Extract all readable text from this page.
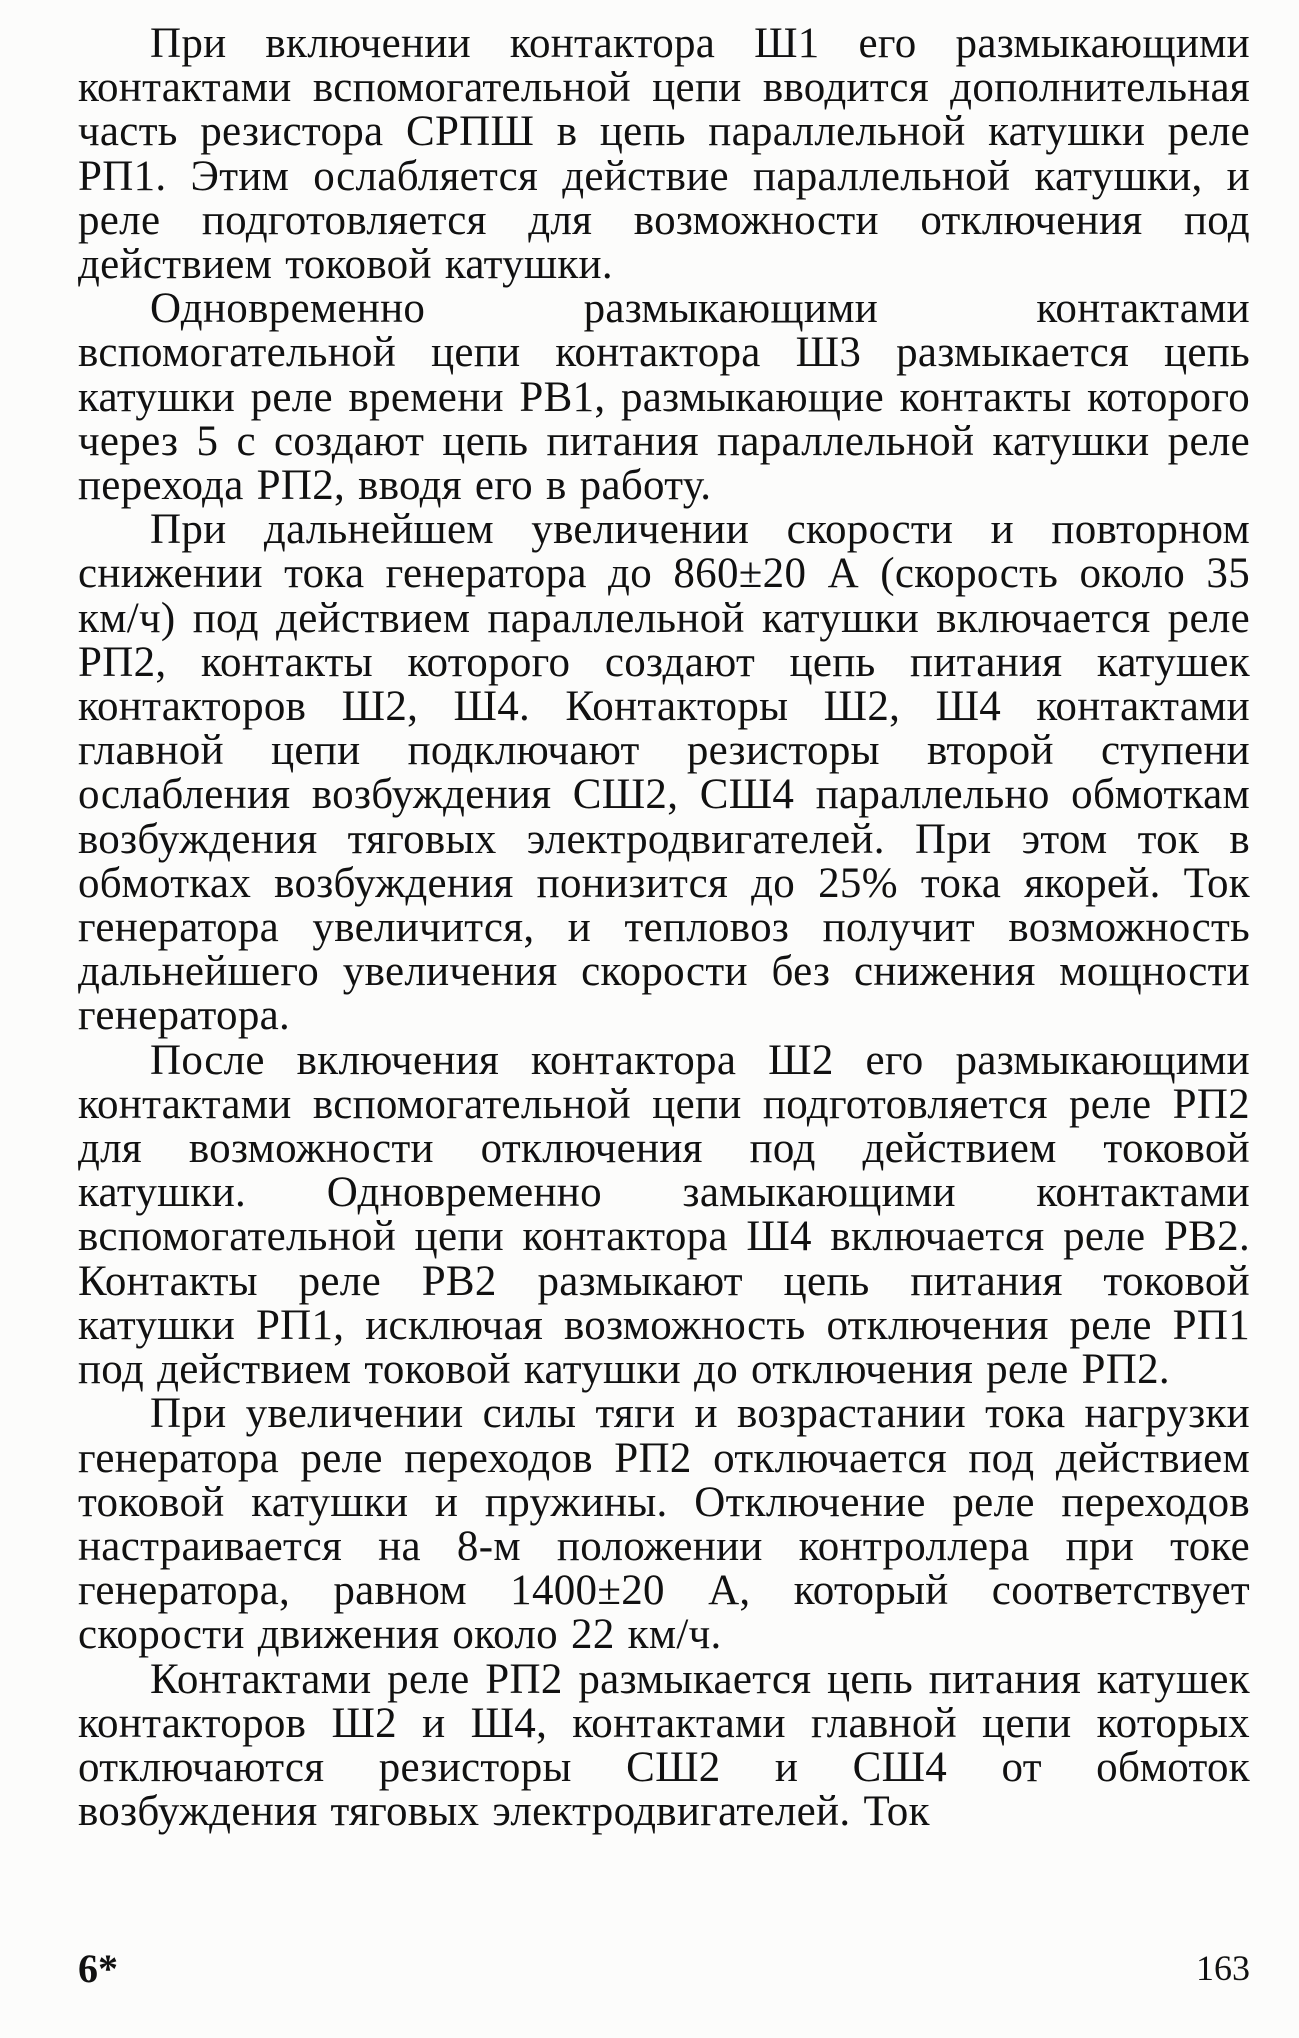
При включении контактора Ш1 его размыкающими контактами вспомогательной цепи вводится дополнительная часть резистора СРПШ в цепь параллельной катушки реле РП1. Этим ослабляется действие параллельной катушки, и реле подготовляется для возможности отключения под действием токовой катушки.

Одновременно размыкающими контактами вспомогательной цепи контактора Ш3 размыкается цепь катушки реле времени РВ1, размыкающие контакты которого через 5 с создают цепь питания параллельной катушки реле перехода РП2, вводя его в работу.

При дальнейшем увеличении скорости и повторном снижении тока генератора до 860±20 А (скорость около 35 км/ч) под действием параллельной катушки включается реле РП2, контакты которого создают цепь питания катушек контакторов Ш2, Ш4. Контакторы Ш2, Ш4 контактами главной цепи подключают резисторы второй ступени ослабления возбуждения СШ2, СШ4 параллельно обмоткам возбуждения тяговых электродвигателей. При этом ток в обмотках возбуждения понизится до 25% тока якорей. Ток генератора увеличится, и тепловоз получит возможность дальнейшего увеличения скорости без снижения мощности генератора.

После включения контактора Ш2 его размыкающими контактами вспомогательной цепи подготовляется реле РП2 для возможности отключения под действием токовой катушки. Одновременно замыкающими контактами вспомогательной цепи контактора Ш4 включается реле РВ2. Контакты реле РВ2 размыкают цепь питания токовой катушки РП1, исключая возможность отключения реле РП1 под действием токовой катушки до отключения реле РП2.

При увеличении силы тяги и возрастании тока нагрузки генератора реле переходов РП2 отключается под действием токовой катушки и пружины. Отключение реле переходов настраивается на 8-м положении контроллера при токе генератора, равном 1400±20 А, который соответствует скорости движения около 22 км/ч.

Контактами реле РП2 размыкается цепь питания катушек контакторов Ш2 и Ш4, контактами главной цепи которых отключаются резисторы СШ2 и СШ4 от обмоток возбуждения тяговых электродвигателей. Ток

6*	163
